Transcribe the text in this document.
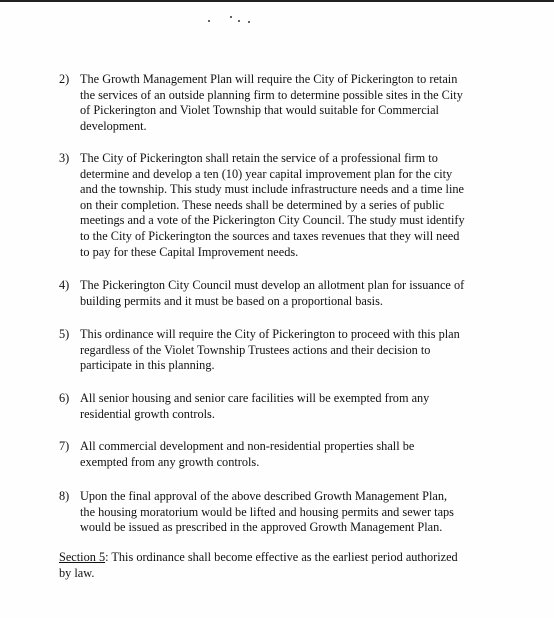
2) The Growth Management Plan will require the City of Pickerington to retain
the services of an outside planning firm to determine possible sites in the City
of Pickerington and Violet Township that would suitable for Commercial
development.
3) The City of Pickerington shall retain the service of a professional firm to
determine and develop a ten (10) year capital improvement plan for the city
and the township. This study must include infrastructure needs and a time line
on their completion. These needs shall be determined by a series of public
meetings and a vote of the Pickerington City Council. The study must identify
to the City of Pickerington the sources and taxes revenues that they will need
to pay for these Capital Improvement needs.
4) The Pickerington City Council must develop an allotment plan for issuance of
building permits and it must be based on a proportional basis.
5) This ordinance will require the City of Pickerington to proceed with this plan
regardless of the Violet Township Trustees actions and their decision to
participate in this planning.
6) All senior housing and senior care facilities will be exempted from any
residential growth controls.
7) All commercial development and non-residential properties shall be
exempted from any growth controls.
8) Upon the final approval of the above described Growth Management Plan,
the housing moratorium would be lifted and housing permits and sewer taps
would be issued as prescribed in the approved Growth Management Plan.
Section 5: This ordinance shall become effective as the earliest period authorized
by law.
